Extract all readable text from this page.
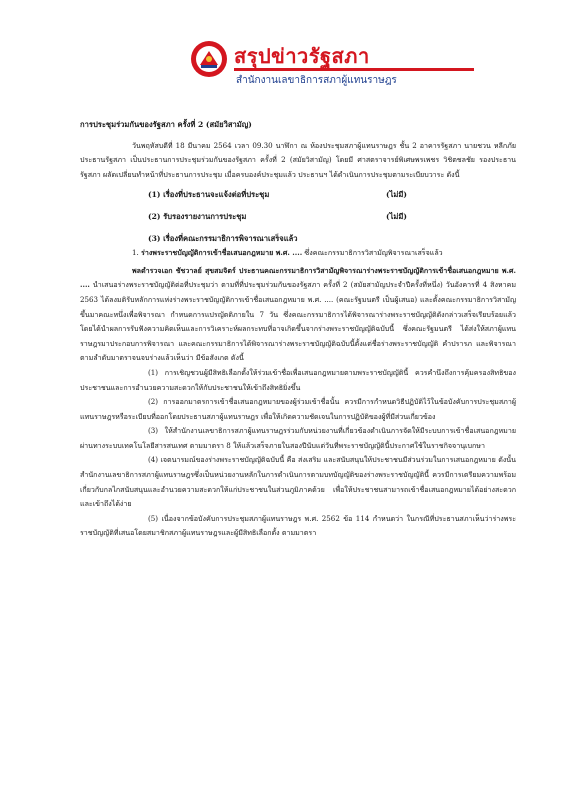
สรุปข่าวรัฐสภา
สำนักงานเลขาธิการสภาผู้แทนราษฎร

การประชุมร่วมกันของรัฐสภา ครั้งที่ 2 (สมัยวิสามัญ)

วันพฤหัสบดีที่ 18 มีนาคม 2564 เวลา 09.30 นาฬิกา ณ ห้องประชุมสภาผู้แทนราษฎร ชั้น 2 อาคารรัฐสภา นายชวน หลีกภัย ประธานรัฐสภา เป็นประธานการประชุมร่วมกันของรัฐสภา ครั้งที่ 2 (สมัยวิสามัญ) โดยมี ศาสตราจารย์พิเศษพรเพชร วิชิตชลชัย รองประธานรัฐสภา ผลัดเปลี่ยนทำหน้าที่ประธานการประชุม เมื่อครบองค์ประชุมแล้ว ประธานฯ ได้ดำเนินการประชุมตามระเบียบวาระ ดังนี้

(1) เรื่องที่ประธานจะแจ้งต่อที่ประชุม	(ไม่มี)
(2) รับรองรายงานการประชุม	(ไม่มี)

(3) เรื่องที่คณะกรรมาธิการพิจารณาเสร็จแล้ว

1. ร่างพระราชบัญญัติการเข้าชื่อเสนอกฎหมาย พ.ศ. .... ซึ่งคณะกรรมาธิการวิสามัญพิจารณาเสร็จแล้ว

พลตำรวจเอก ชัชวาลย์ สุขสมจิตร์ ประธานคณะกรรมาธิการวิสามัญพิจารณาร่างพระราชบัญญัติการเข้าชื่อเสนอกฎหมาย พ.ศ. .... นำเสนอร่างพระราชบัญญัติต่อที่ประชุมว่า ตามที่ที่ประชุมร่วมกันของรัฐสภา ครั้งที่ 2 (สมัยสามัญประจำปีครั้งที่หนึ่ง) วันอังคารที่ 4 สิงหาคม 2563 ได้ลงมติรับหลักการแห่งร่างพระราชบัญญัติการเข้าชื่อเสนอกฎหมาย พ.ศ. .... (คณะรัฐมนตรี เป็นผู้เสนอ) และตั้งคณะกรรมาธิการวิสามัญขึ้นมาคณะหนึ่งเพื่อพิจารณา กำหนดการแปรญัตติภายใน 7 วัน ซึ่งคณะกรรมาธิการได้พิจารณาร่างพระราชบัญญัติดังกล่าวเสร็จเรียบร้อยแล้ว โดยได้นำผลการรับฟังความคิดเห็นและการวิเคราะห์ผลกระทบที่อาจเกิดขึ้นจากร่างพระราชบัญญัติฉบับนี้ ซึ่งคณะรัฐมนตรี ได้ส่งให้สภาผู้แทนราษฎรมาประกอบการพิจารณา และคณะกรรมาธิการได้พิจารณาร่างพระราชบัญญัติฉบับนี้ตั้งแต่ชื่อร่างพระราชบัญญัติ คำปรารภ และพิจารณาตามลำดับมาตราจนจบร่างแล้วเห็นว่า มีข้อสังเกต ดังนี้

(1) การเชิญชวนผู้มีสิทธิเลือกตั้งให้ร่วมเข้าชื่อเพื่อเสนอกฎหมายตามพระราชบัญญัตินี้ ควรคำนึงถึงการคุ้มครองสิทธิของประชาชนและการอำนวยความสะดวกให้กับประชาชนให้เข้าถึงสิทธิยิ่งขึ้น

(2) การออกมาตรการเข้าชื่อเสนอกฎหมายของผู้ร่วมเข้าชื่อนั้น ควรมีการกำหนดวิธีปฏิบัติไว้ในข้อบังคับการประชุมสภาผู้แทนราษฎรหรือระเบียบที่ออกโดยประธานสภาผู้แทนราษฎร เพื่อให้เกิดความชัดเจนในการปฏิบัติของผู้ที่มีส่วนเกี่ยวข้อง

(3) ให้สำนักงานเลขาธิการสภาผู้แทนราษฎรร่วมกับหน่วยงานที่เกี่ยวข้องดำเนินการจัดให้มีระบบการเข้าชื่อเสนอกฎหมายผ่านทางระบบเทคโนโลยีสารสนเทศ ตามมาตรา 8 ให้แล้วเสร็จภายในสองปีนับแต่วันที่พระราชบัญญัตินี้ประกาศใช้ในราชกิจจานุเบกษา

(4) เจตนารมณ์ของร่างพระราชบัญญัติฉบับนี้ คือ ส่งเสริม และสนับสนุนให้ประชาชนมีส่วนร่วมในการเสนอกฎหมาย ดังนั้น สำนักงานเลขาธิการสภาผู้แทนราษฎรซึ่งเป็นหน่วยงานหลักในการดำเนินการตามบทบัญญัติของร่างพระราชบัญญัตินี้ ควรมีการเตรียมความพร้อมเกี่ยวกับกลไกสนับสนุนและอำนวยความสะดวกให้แก่ประชาชนในส่วนภูมิภาคด้วย เพื่อให้ประชาชนสามารถเข้าชื่อเสนอกฎหมายได้อย่างสะดวกและเข้าถึงได้ง่าย

(5) เนื่องจากข้อบังคับการประชุมสภาผู้แทนราษฎร พ.ศ. 2562 ข้อ 114 กำหนดว่า ในกรณีที่ประธานสภาเห็นว่าร่างพระราชบัญญัติที่เสนอโดยสมาชิกสภาผู้แทนราษฎรและผู้มีสิทธิเลือกตั้ง ตามมาตรา
